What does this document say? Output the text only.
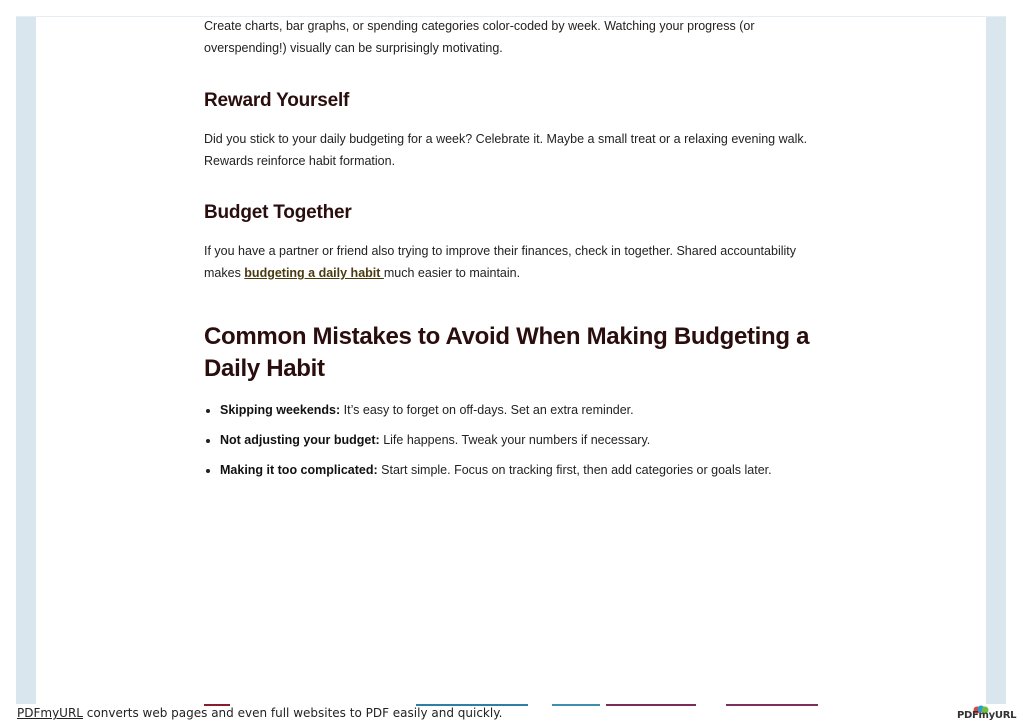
Create charts, bar graphs, or spending categories color-coded by week. Watching your progress (or overspending!) visually can be surprisingly motivating.

Reward Yourself

Did you stick to your daily budgeting for a week? Celebrate it. Maybe a small treat or a relaxing evening walk. Rewards reinforce habit formation.

Budget Together

If you have a partner or friend also trying to improve their finances, check in together. Shared accountability makes budgeting a daily habit much easier to maintain.

Common Mistakes to Avoid When Making Budgeting a Daily Habit
• Skipping weekends: It’s easy to forget on off-days. Set an extra reminder.
• Not adjusting your budget: Life happens. Tweak your numbers if necessary.
• Making it too complicated: Start simple. Focus on tracking first, then add categories or goals later.
PDFmyURL converts web pages and even full websites to PDF easily and quickly.	PDFmyURL
